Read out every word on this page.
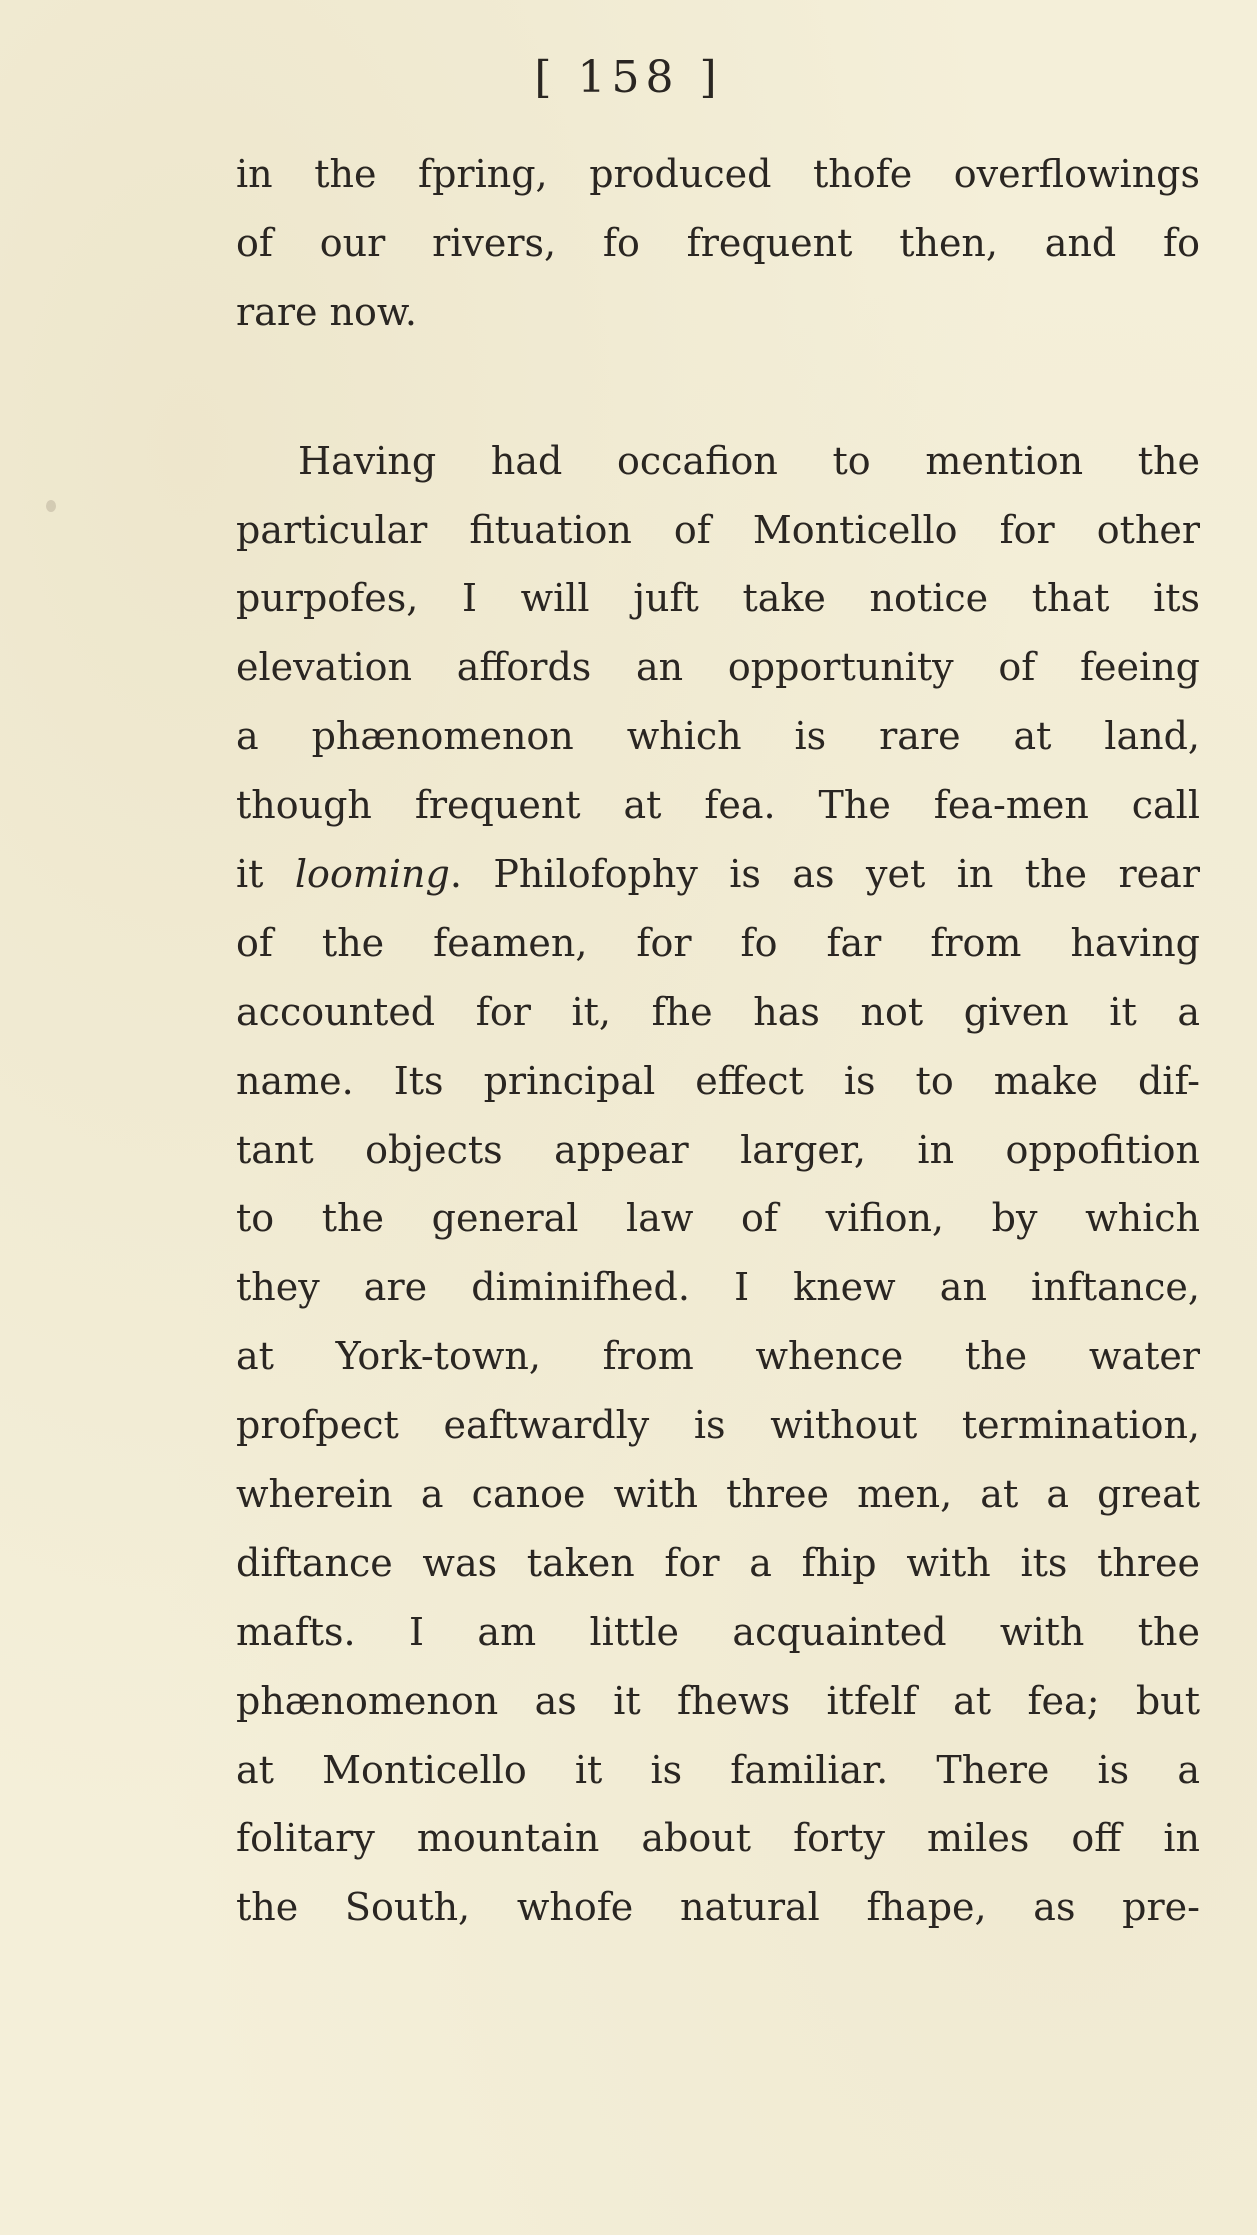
[ 158 ]
in the fpring, produced thofe overflowings
of our rivers, fo frequent then, and fo
rare now.
Having had occafion to mention the
particular fituation of Monticello for other
purpofes, I will juft take notice that its
elevation affords an opportunity of feeing
a phænomenon which is rare at land,
though frequent at fea. The fea-men call
it looming. Philofophy is as yet in the rear
of the feamen, for fo far from having
accounted for it, fhe has not given it a
name. Its principal effect is to make dif-
tant objects appear larger, in oppofition
to the general law of vifion, by which
they are diminifhed. I knew an inftance,
at York-town, from whence the water
profpect eaftwardly is without termination,
wherein a canoe with three men, at a great
diftance was taken for a fhip with its three
mafts. I am little acquainted with the
phænomenon as it fhews itfelf at fea; but
at Monticello it is familiar. There is a
folitary mountain about forty miles off in
the South, whofe natural fhape, as pre-
